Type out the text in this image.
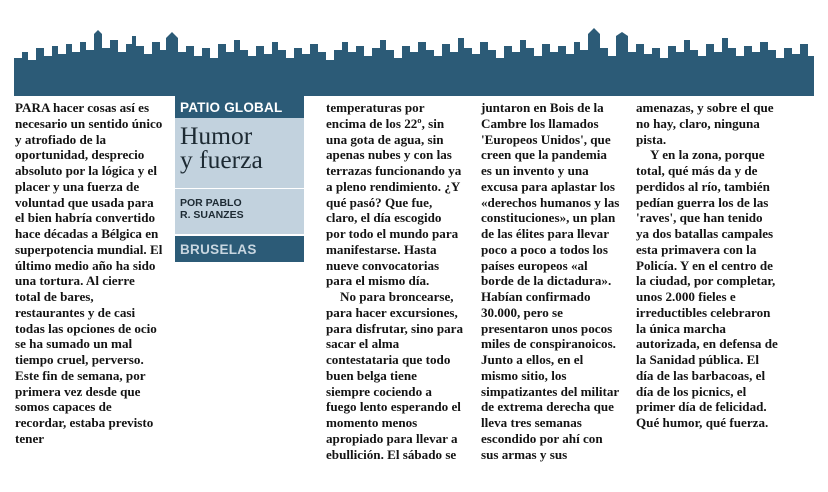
PARA hacer cosas así es necesario un sentido único y atrofiado de la oportunidad, desprecio absoluto por la lógica y el placer y una fuerza de voluntad que usada para el bien habría convertido hace décadas a Bélgica en superpotencia mundial. El último medio año ha sido una tortura. Al cierre total de bares, restaurantes y de casi todas las opciones de ocio se ha sumado un mal tiempo cruel, perverso. Este fin de semana, por primera vez desde que somos capaces de recordar, estaba previsto tener

PATIO GLOBAL
Humor
y fuerza
POR PABLO
R. SUANZES
BRUSELAS

temperaturas por encima de los 22º, sin una gota de agua, sin apenas nubes y con las terrazas funcionando ya a pleno rendimiento. ¿Y qué pasó? Que fue, claro, el día escogido por todo el mundo para manifestarse. Hasta nueve convocatorias para el mismo día.

No para broncearse, para hacer excursiones, para disfrutar, sino para sacar el alma contestataria que todo buen belga tiene siempre cociendo a fuego lento esperando el momento menos apropiado para llevar a ebullición. El sábado se

juntaron en Bois de la Cambre los llamados 'Europeos Unidos', que creen que la pandemia es un invento y una excusa para aplastar los «derechos humanos y las constituciones», un plan de las élites para llevar poco a poco a todos los países europeos «al borde de la dictadura». Habían confirmado 30.000, pero se presentaron unos pocos miles de conspiranoicos. Junto a ellos, en el mismo sitio, los simpatizantes del militar de extrema derecha que lleva tres semanas escondido por ahí con sus armas y sus

amenazas, y sobre el que no hay, claro, ninguna pista.

Y en la zona, porque total, qué más da y de perdidos al río, también pedían guerra los de las 'raves', que han tenido ya dos batallas campales esta primavera con la Policía. Y en el centro de la ciudad, por completar, unos 2.000 fieles e irreductibles celebraron la única marcha autorizada, en defensa de la Sanidad pública. El día de las barbacoas, el día de los picnics, el primer día de felicidad. Qué humor, qué fuerza.
